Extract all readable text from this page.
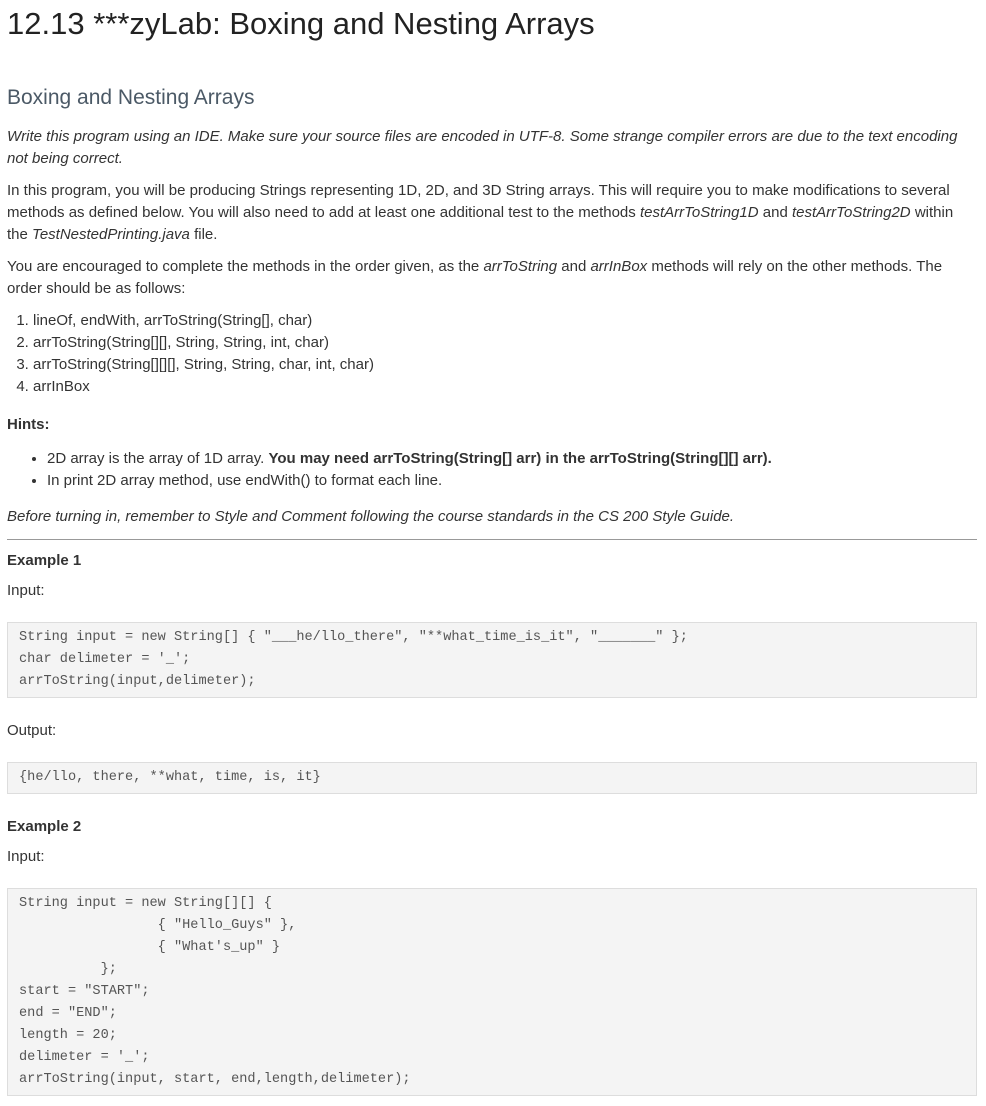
12.13 ***zyLab: Boxing and Nesting Arrays
Boxing and Nesting Arrays

Write this program using an IDE. Make sure your source files are encoded in UTF-8. Some strange compiler errors are due to the text encoding not being correct.

In this program, you will be producing Strings representing 1D, 2D, and 3D String arrays. This will require you to make modifications to several methods as defined below. You will also need to add at least one additional test to the methods testArrToString1D and testArrToString2D within the TestNestedPrinting.java file.

You are encouraged to complete the methods in the order given, as the arrToString and arrInBox methods will rely on the other methods. The order should be as follows:

1. lineOf, endWith, arrToString(String[], char)
2. arrToString(String[][], String, String, int, char)
3. arrToString(String[][][], String, String, char, int, char)
4. arrInBox

Hints:

• 2D array is the array of 1D array. You may need arrToString(String[] arr) in the arrToString(String[][] arr).
• In print 2D array method, use endWith() to format each line.

Before turning in, remember to Style and Comment following the course standards in the CS 200 Style Guide.

Example 1

Input:

String input = new String[] { "___he/llo_there", "**what_time_is_it", "_______" };
char delimeter = '_';
arrToString(input,delimeter);

Output:

{he/llo, there, **what, time, is, it}

Example 2

Input:

String input = new String[][] {
{ "Hello_Guys" },
{ "What's_up" }
};
start = "START";
end = "END";
length = 20;
delimeter = '_';
arrToString(input, start, end,length,delimeter);
